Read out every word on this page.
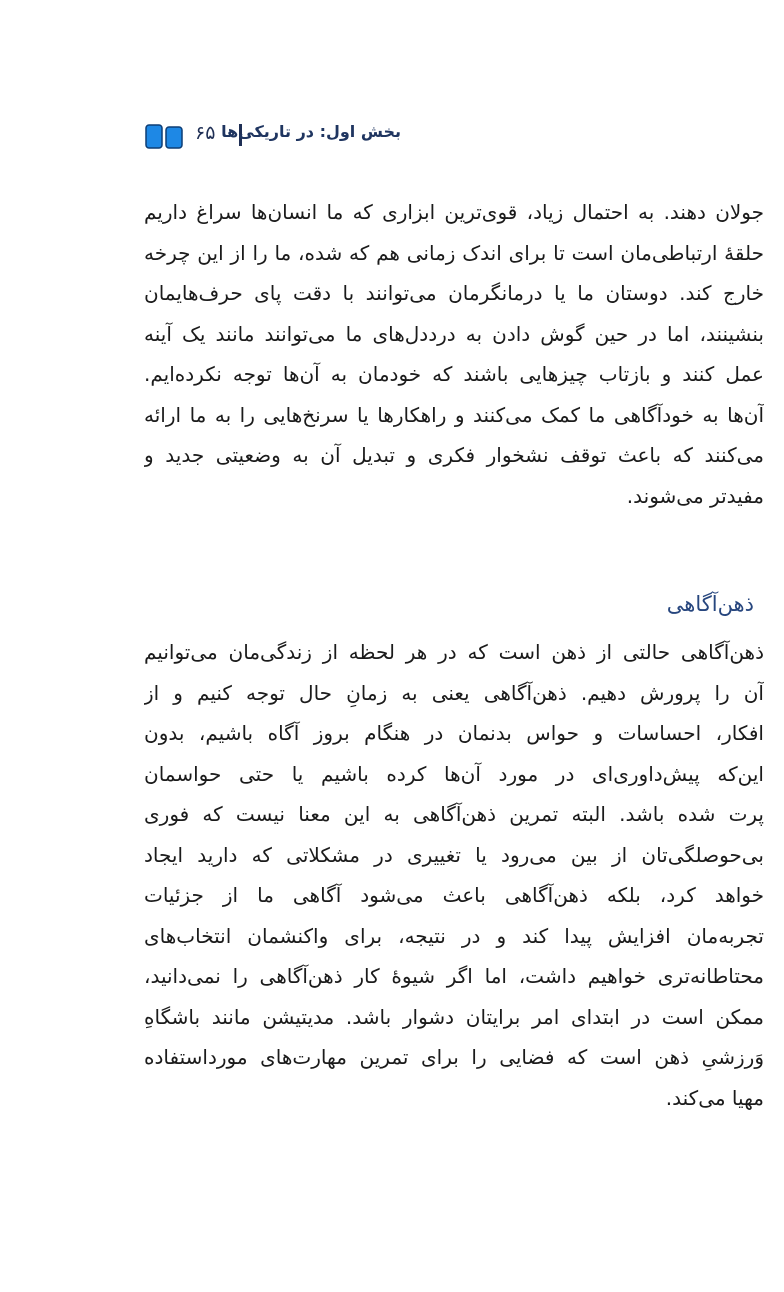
۶۵ بخش اول: در تاریکی‌ها
جولان دهند. به احتمال زیاد، قوی‌ترین ابزاری که ما انسان‌ها سراغ داریم
حلقۀ ارتباطی‌مان است تا برای اندک زمانی هم که شده، ما را از این چرخه
خارج کند. دوستان ما یا درمانگرمان می‌توانند با دقت پای حرف‌هایمان
بنشینند، اما در حین گوش دادن به درددل‌های ما می‌توانند مانند یک آینه
عمل کنند و بازتاب چیزهایی باشند که خودمان به آن‌ها توجه نکرده‌ایم.
آن‌ها به خودآگاهی ما کمک می‌کنند و راهکارها یا سرنخ‌هایی را به ما ارائه
می‌کنند که باعث توقف نشخوار فکری و تبدیل آن به وضعیتی جدید و
مفیدتر می‌شوند.
ذهن‌آگاهی
ذهن‌آگاهی حالتی از ذهن است که در هر لحظه از زندگی‌مان می‌توانیم
آن را پرورش دهیم. ذهن‌آگاهی یعنی به زمانِ حال توجه کنیم و از
افکار، احساسات و حواس بدنمان در هنگام بروز آگاه باشیم، بدون
این‌که پیش‌داوری‌ای در مورد آن‌ها کرده باشیم یا حتی حواسمان
پرت شده باشد. البته تمرین ذهن‌آگاهی به این معنا نیست که فوری
بی‌حوصلگی‌تان از بین می‌رود یا تغییری در مشکلاتی که دارید ایجاد
خواهد کرد، بلکه ذهن‌آگاهی باعث می‌شود آگاهی ما از جزئیات
تجربه‌مان افزایش پیدا کند و در نتیجه، برای واکنشمان انتخاب‌های
محتاطانه‌تری خواهیم داشت، اما اگر شیوۀ کار ذهن‌آگاهی را نمی‌دانید،
ممکن است در ابتدای امر برایتان دشوار باشد. مدیتیشن مانند باشگاهِ
وَرزشیِ ذهن است که فضایی را برای تمرین مهارت‌های مورداستفاده
مهیا می‌کند.
